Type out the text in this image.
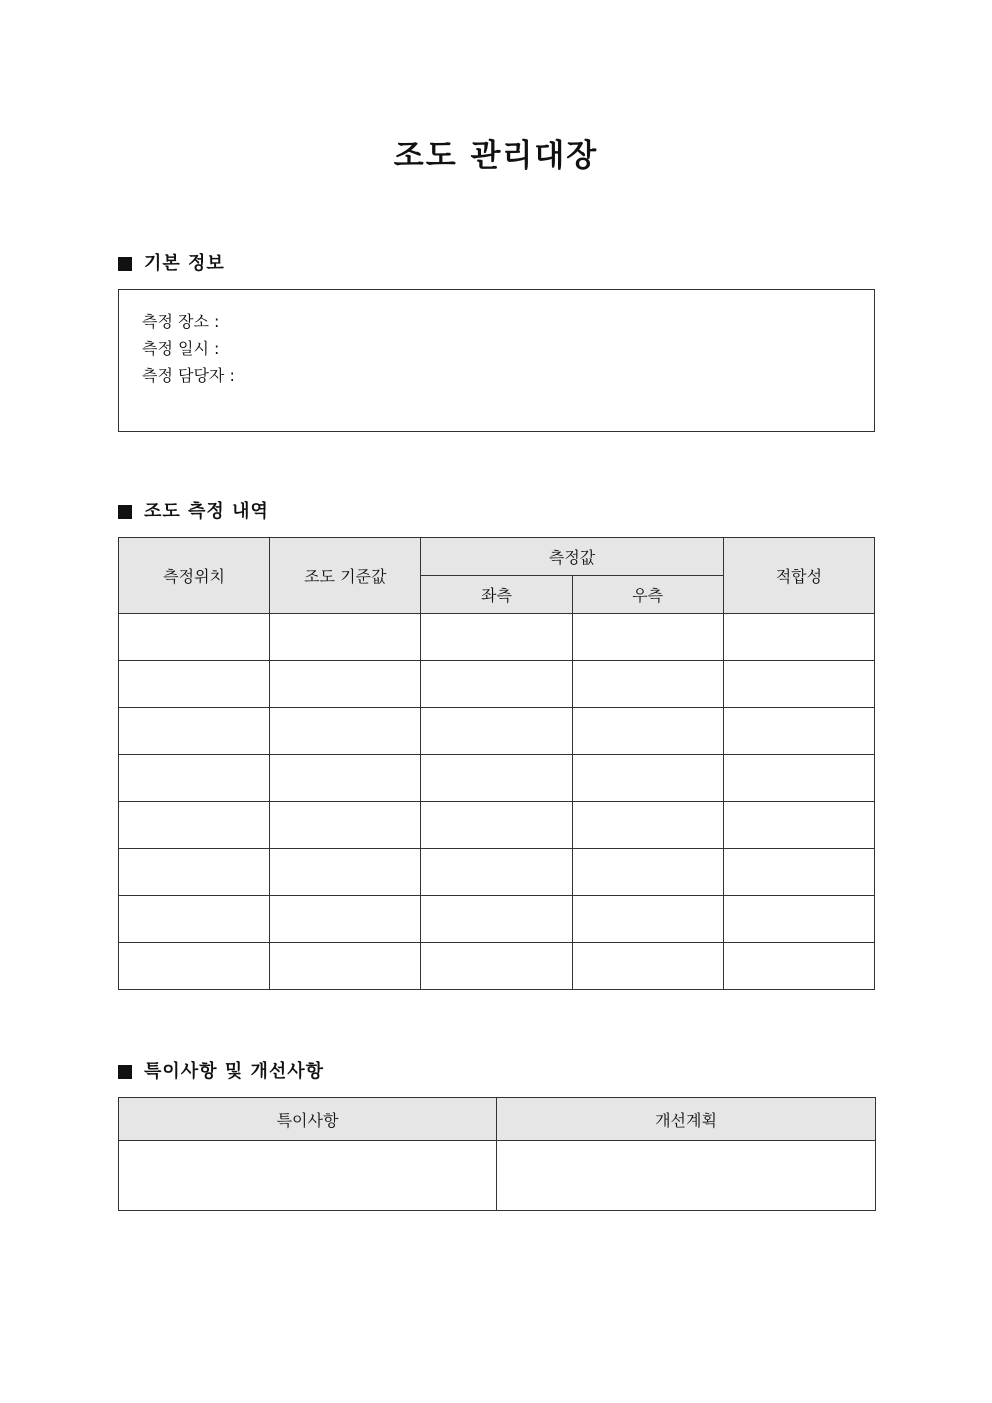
조도 관리대장
기본 정보
측정 장소 :
측정 일시 :
측정 담당자 :
조도 측정 내역
측정위치	조도 기준값	측정값		적합성
		좌측	우측	

특이사항 및 개선사항
특이사항	개선계획
